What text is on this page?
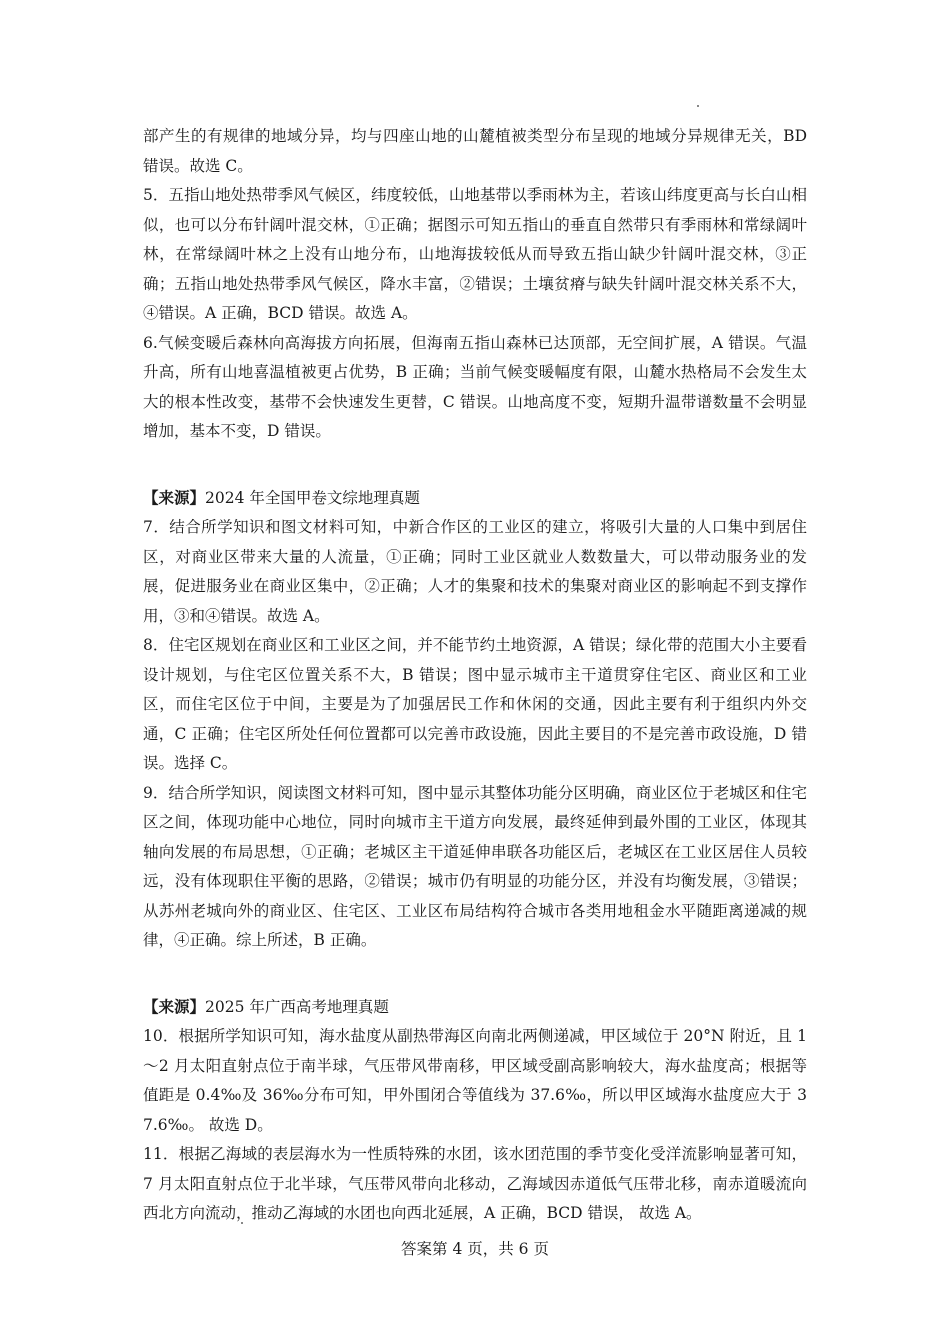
部产生的有规律的地域分异，均与四座山地的山麓植被类型分布呈现的地域分异规律无关，BD 错误。故选 C。

5．五指山地处热带季风气候区，纬度较低，山地基带以季雨林为主，若该山纬度更高与长白山相似，也可以分布针阔叶混交林，①正确；据图示可知五指山的垂直自然带只有季雨林和常绿阔叶林，在常绿阔叶林之上没有山地分布，山地海拔较低从而导致五指山缺少针阔叶混交林，③正确；五指山地处热带季风气候区，降水丰富，②错误；土壤贫瘠与缺失针阔叶混交林关系不大，④错误。A 正确，BCD 错误。故选 A。

6.气候变暖后森林向高海拔方向拓展，但海南五指山森林已达顶部，无空间扩展，A 错误。气温升高，所有山地喜温植被更占优势，B 正确；当前气候变暖幅度有限，山麓水热格局不会发生太大的根本性改变，基带不会快速发生更替，C 错误。山地高度不变，短期升温带谱数量不会明显增加，基本不变，D 错误。

【来源】2024 年全国甲卷文综地理真题

7．结合所学知识和图文材料可知，中新合作区的工业区的建立，将吸引大量的人口集中到居住区，对商业区带来大量的人流量，①正确；同时工业区就业人数数量大，可以带动服务业的发展，促进服务业在商业区集中，②正确；人才的集聚和技术的集聚对商业区的影响起不到支撑作用，③和④错误。故选 A。

8．住宅区规划在商业区和工业区之间，并不能节约土地资源，A 错误；绿化带的范围大小主要看设计规划，与住宅区位置关系不大，B 错误；图中显示城市主干道贯穿住宅区、商业区和工业区，而住宅区位于中间，主要是为了加强居民工作和休闲的交通，因此主要有利于组织内外交通，C 正确；住宅区所处任何位置都可以完善市政设施，因此主要目的不是完善市政设施，D 错误。选择 C。

9．结合所学知识，阅读图文材料可知，图中显示其整体功能分区明确，商业区位于老城区和住宅区之间，体现功能中心地位，同时向城市主干道方向发展，最终延伸到最外围的工业区，体现其轴向发展的布局思想，①正确；老城区主干道延伸串联各功能区后，老城区在工业区居住人员较远，没有体现职住平衡的思路，②错误；城市仍有明显的功能分区，并没有均衡发展，③错误；从苏州老城向外的商业区、住宅区、工业区布局结构符合城市各类用地租金水平随距离递减的规律，④正确。综上所述，B 正确。

【来源】2025 年广西高考地理真题

10．根据所学知识可知，海水盐度从副热带海区向南北两侧递减，甲区域位于 20°N 附近，且 1～2 月太阳直射点位于南半球，气压带风带南移，甲区域受副高影响较大，海水盐度高；根据等值距是 0.4‰及 36‰分布可知，甲外围闭合等值线为 37.6‰，所以甲区域海水盐度应大于 37.6‰。 故选 D。

11．根据乙海域的表层海水为一性质特殊的水团，该水团范围的季节变化受洋流影响显著可知，7 月太阳直射点位于北半球，气压带风带向北移动，乙海域因赤道低气压带北移，南赤道暖流向西北方向流动，推动乙海域的水团也向西北延展，A 正确，BCD 错误， 故选 A。

答案第 4 页，共 6 页
